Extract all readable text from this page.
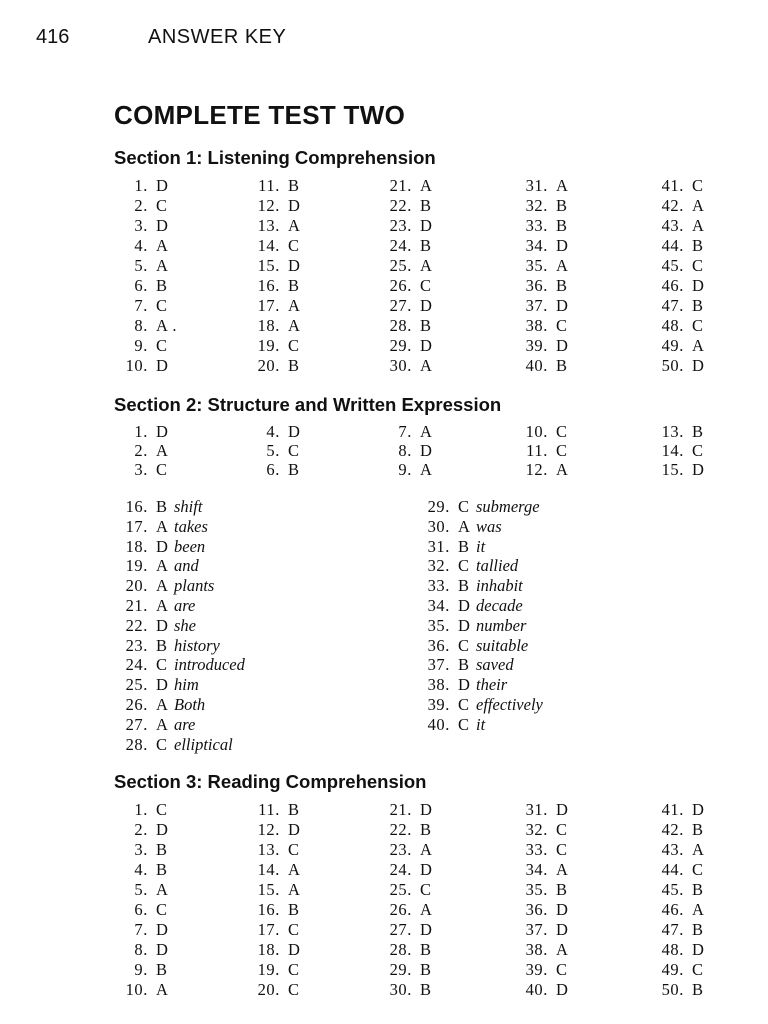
416	ANSWER KEY
COMPLETE TEST TWO
Section 1: Listening Comprehension
1. D	11. B	21. A	31. A	41. C
2. C	12. D	22. B	32. B	42. A
3. D	13. A	23. D	33. B	43. A
4. A	14. C	24. B	34. D	44. B
5. A	15. D	25. A	35. A	45. C
6. B	16. B	26. C	36. B	46. D
7. C	17. A	27. D	37. D	47. B
8. A .	18. A	28. B	38. C	48. C
9. C	19. C	29. D	39. D	49. A
10. D	20. B	30. A	40. B	50. D
Section 2: Structure and Written Expression
1. D	4. D	7. A	10. C	13. B
2. A	5. C	8. D	11. C	14. C
3. C	6. B	9. A	12. A	15. D
16. B shift
17. A takes
18. D been
19. A and
20. A plants
21. A are
22. D she
23. B history
24. C introduced
25. D him
26. A Both
27. A are
28. C elliptical
29. C submerge
30. A was
31. B it
32. C tallied
33. B inhabit
34. D decade
35. D number
36. C suitable
37. B saved
38. D their
39. C effectively
40. C it
Section 3: Reading Comprehension
1. C	11. B	21. D	31. D	41. D
2. D	12. D	22. B	32. C	42. B
3. B	13. C	23. A	33. C	43. A
4. B	14. A	24. D	34. A	44. C
5. A	15. A	25. C	35. B	45. B
6. C	16. B	26. A	36. D	46. A
7. D	17. C	27. D	37. D	47. B
8. D	18. D	28. B	38. A	48. D
9. B	19. C	29. B	39. C	49. C
10. A	20. C	30. B	40. D	50. B
